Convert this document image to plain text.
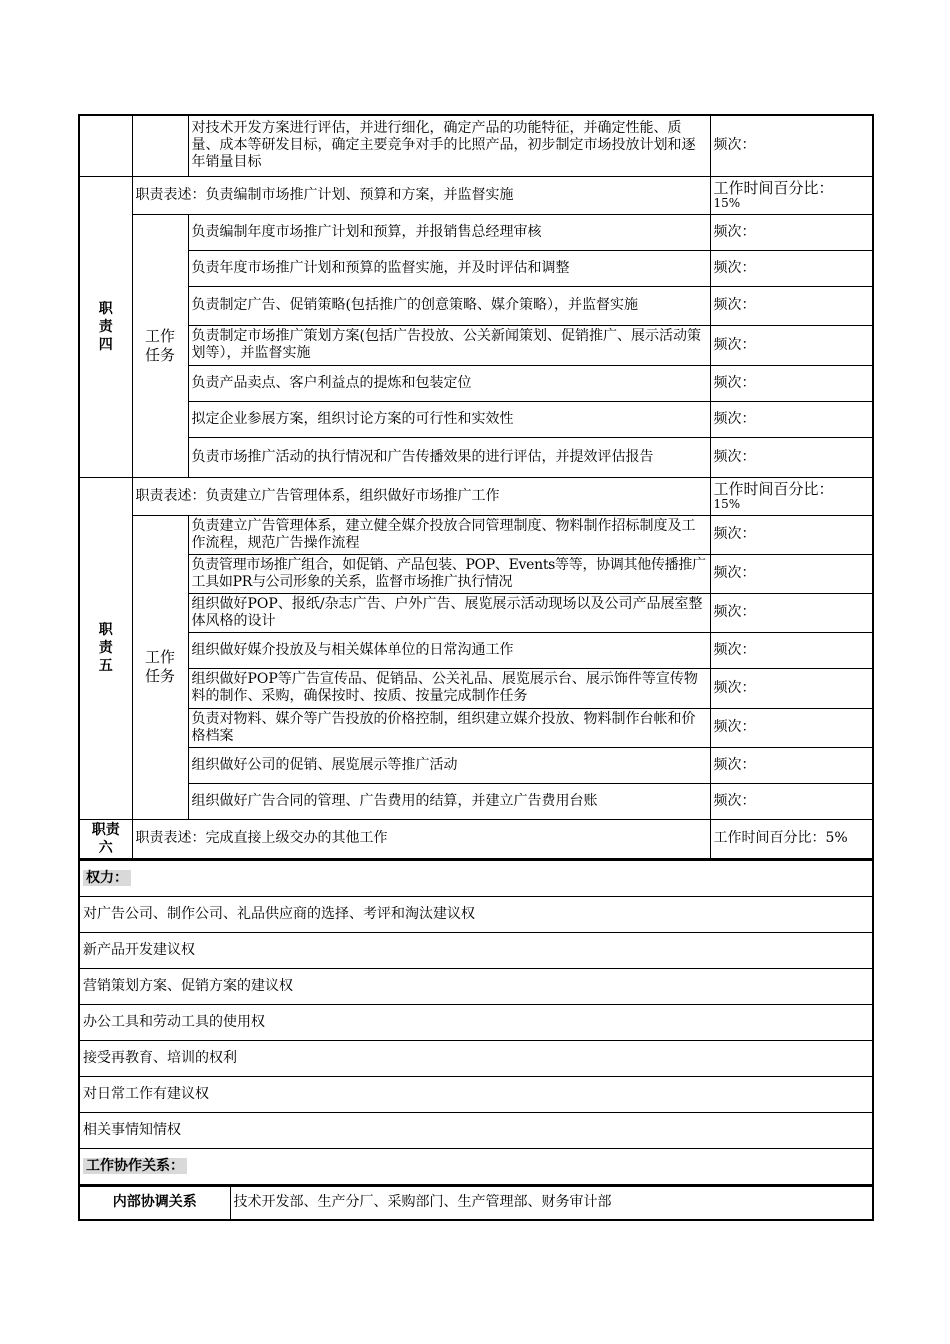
		对技术开发方案进行评估，并进行细化，确定产品的功能特征，并确定性能、质量、成本等研发目标，确定主要竞争对手的比照产品，初步制定市场投放计划和逐年销量目标	频次：

职责四	职责表述：负责编制市场推广计划、预算和方案，并监督实施		工作时间百分比：
15%

	工作任务	负责编制年度市场推广计划和预算，并报销售总经理审核	频次：
		负责年度市场推广计划和预算的监督实施，并及时评估和调整	频次：
		负责制定广告、促销策略(包括推广的创意策略、媒介策略），并监督实施	频次：
		负责制定市场推广策划方案(包括广告投放、公关新闻策划、促销推广、展示活动策划等），并监督实施	频次：
		负责产品卖点、客户利益点的提炼和包装定位	频次：
		拟定企业参展方案，组织讨论方案的可行性和实效性	频次：
		负责市场推广活动的执行情况和广告传播效果的进行评估，并提效评估报告	频次：

职责五	职责表述：负责建立广告管理体系，组织做好市场推广工作		工作时间百分比：
15%

	工作任务	负责建立广告管理体系，建立健全媒介投放合同管理制度、物料制作招标制度及工作流程，规范广告操作流程	频次：
		负责管理市场推广组合，如促销、产品包装、POP、Events等等，协调其他传播推广工具如PR与公司形象的关系，监督市场推广执行情况	频次：
		组织做好POP、报纸/杂志广告、户外广告、展览展示活动现场以及公司产品展室整体风格的设计	频次：
		组织做好媒介投放及与相关媒体单位的日常沟通工作	频次：
		组织做好POP等广告宣传品、促销品、公关礼品、展览展示台、展示饰件等宣传物料的制作、采购，确保按时、按质、按量完成制作任务	频次：
		负责对物料、媒介等广告投放的价格控制，组织建立媒介投放、物料制作台帐和价格档案	频次：
		组织做好公司的促销、展览展示等推广活动	频次：
		组织做好广告合同的管理、广告费用的结算，并建立广告费用台账	频次：

职责六	职责表述：完成直接上级交办的其他工作		工作时间百分比：5%
权力：
对广告公司、制作公司、礼品供应商的选择、考评和淘汰建议权
新产品开发建议权
营销策划方案、促销方案的建议权
办公工具和劳动工具的使用权
接受再教育、培训的权利
对日常工作有建议权
相关事情知情权
工作协作关系：
内部协调关系	技术开发部、生产分厂、采购部门、生产管理部、财务审计部
